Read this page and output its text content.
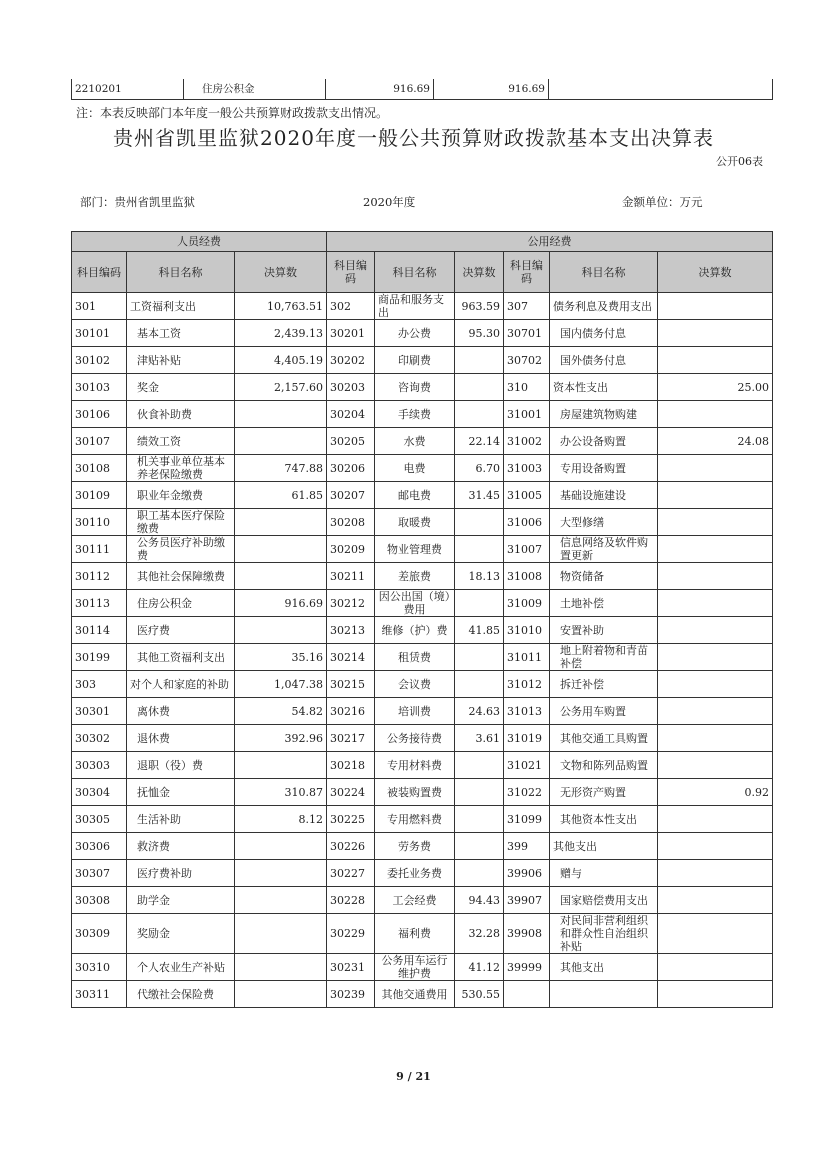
2210201	住房公积金	916.69	916.69	
注：本表反映部门本年度一般公共预算财政拨款支出情况。
贵州省凯里监狱2020年度一般公共预算财政拨款基本支出决算表
公开06表
部门：贵州省凯里监狱	2020年度	金额单位：万元
人员经费			公用经费					
科目编码	科目名称	决算数	科目编码	科目名称	决算数	科目编码	科目名称	决算数
301	工资福利支出	10,763.51	302	商品和服务支出	963.59	307	债务利息及费用支出	
30101	基本工资	2,439.13	30201	办公费	95.30	30701	国内债务付息	
30102	津贴补贴	4,405.19	30202	印刷费		30702	国外债务付息	
30103	奖金	2,157.60	30203	咨询费		310	资本性支出	25.00
30106	伙食补助费		30204	手续费		31001	房屋建筑物购建	
30107	绩效工资		30205	水费	22.14	31002	办公设备购置	24.08
30108	机关事业单位基本养老保险缴费	747.88	30206	电费	6.70	31003	专用设备购置	
30109	职业年金缴费	61.85	30207	邮电费	31.45	31005	基础设施建设	
30110	职工基本医疗保险缴费		30208	取暖费		31006	大型修缮	
30111	公务员医疗补助缴费		30209	物业管理费		31007	信息网络及软件购置更新	
30112	其他社会保障缴费		30211	差旅费	18.13	31008	物资储备	
30113	住房公积金	916.69	30212	因公出国（境）费用		31009	土地补偿	
30114	医疗费		30213	维修（护）费	41.85	31010	安置补助	
30199	其他工资福利支出	35.16	30214	租赁费		31011	地上附着物和青苗补偿	
303	对个人和家庭的补助	1,047.38	30215	会议费		31012	拆迁补偿	
30301	离休费	54.82	30216	培训费	24.63	31013	公务用车购置	
30302	退休费	392.96	30217	公务接待费	3.61	31019	其他交通工具购置	
30303	退职（役）费		30218	专用材料费		31021	文物和陈列品购置	
30304	抚恤金	310.87	30224	被装购置费		31022	无形资产购置	0.92
30305	生活补助	8.12	30225	专用燃料费		31099	其他资本性支出	
30306	救济费		30226	劳务费		399	其他支出	
30307	医疗费补助		30227	委托业务费		39906	赠与	
30308	助学金		30228	工会经费	94.43	39907	国家赔偿费用支出	
30309	奖励金		30229	福利费	32.28	39908	对民间非营利组织和群众性自治组织补贴	
30310	个人农业生产补贴		30231	公务用车运行维护费	41.12	39999	其他支出	
30311	代缴社会保险费		30239	其他交通费用	530.55			
9 / 21
